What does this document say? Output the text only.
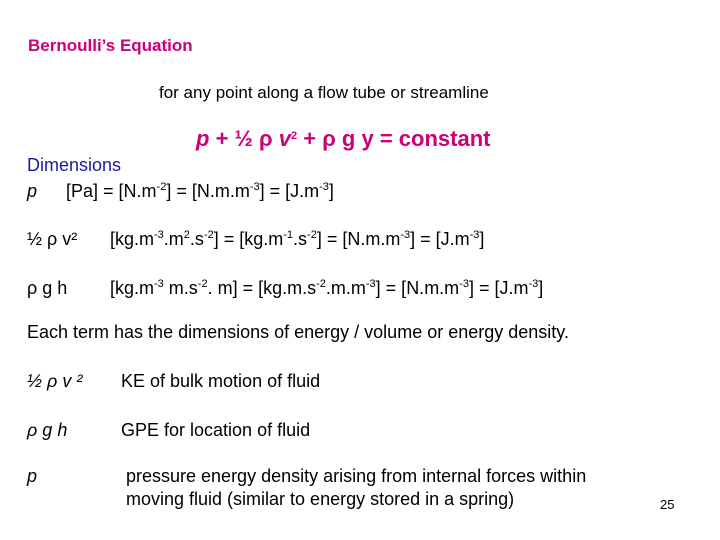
Bernoulli’s Equation
for any point along a flow tube or streamline
p + ½ ρ $v^2 + \rho$ g y = constant
Dimensions
p $[Pa] = [N.m^{-2}] = [N.m.m^{-3}] = [J.m^{-3}]$
½ ρ v² $[kg.m^{-3}.m^2.s^{-2}] = [kg.m^{-1}.s^{-2}] = [N.m.m^{-3}] = [J.m^{-3}]$
ρ g h [$kg.m^{-3}$ $m.s^{-2}$. $m] = [kg.m.s^{-2}.m.m^{-3}] = [N.m.m^{-3}] = [J.m^{-3}]$
Each term has the dimensions of energy / volume or energy density.
½ ρ v ² KE of bulk motion of fluid
ρ g h	GPE for location of fluid
p	pressure energy density arising from internal forces within
moving fluid (similar to energy stored in a spring)	25
